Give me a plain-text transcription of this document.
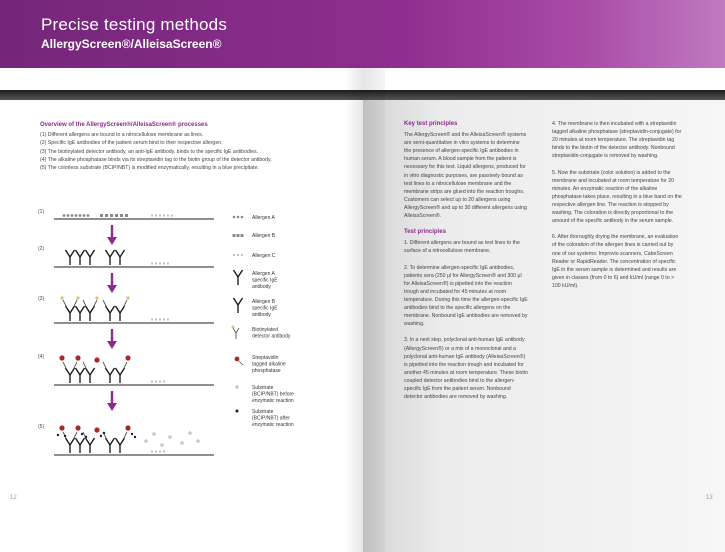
Precise testing methods
AllergyScreen®/AlleisaScreen®
Overview of the AllergyScreen®/AlleisaScreen® processes
(1) Different allergens are bound to a nitrocellulose membrane as lines.
(2) Specific IgE antibodies of the patient serum bind to their respective allergen.
(3) The biotinylated detector antibody, an anti-IgE antibody, binds to the specific IgE antibodies.
(4) The alkaline phosphatase binds via its streptavidin tag to the biotin group of the detector antibody.
(5) The colorless substrate (BCIP/NBT) is modified enzymatically, resulting in a blue precipitate.
(1)
(2)
(3)
(4)
(5)
Allergen A
Allergen B
Allergen C
Allergen A specific IgE antibody
Allergen B specific IgE antibody
Biotinylated detector antibody
Streptavidin tagged alkaline phosphatase
Substrate (BCIP/NBT) before enzymatic reaction
Substrate (BCIP/NBT) after enzymatic reaction
12
Key test principles

The AllergyScreen® and the AlleisaScreen® systems are semi-quantitative in vitro systems to determine the presence of allergen-specific IgE antibodies in human serum. A blood sample from the patient is necessary for this test. Liquid allergens, produced for in vitro diagnostic purposes, are passively bound as test lines to a nitrocellulose membrane and the membrane strips are glued into the reaction troughs. Customers can select up to 20 allergens using AllergyScreen® and up to 30 different allergens using AlleisaScreen®.

Test principles

1. Different allergens are bound as test lines to the surface of a nitrocellulose membrane.

2. To determine allergen-specific IgE antibodies, patients sera (250 µl for AllergyScreen® and 300 µl for AlleisaScreen®) is pipetted into the reaction trough and incubated for 45 minutes at room temperature. During this time the allergen-specific IgE antibodies bind to the specific allergens on the membrane. Nonbound IgE antibodies are removed by washing.

3. In a next step, polyclonal anti-human IgE antibody (AllergyScreen®) or a mix of a monoclonal and a polyclonal anti-human IgE antibody (AlleisaScreen®) is pipetted into the reaction trough and incubated for another 45 minutes at room temperature. These biotin coupled detector antibodies bind to the allergen-specific IgE from the patient serum. Nonbound detector antibodies are removed by washing.

4. The membrane is then incubated with a streptavidin tagged alkaline phosphatase (streptavidin-conjugate) for 20 minutes at room temperature. The streptavidin tag binds to the biotin of the detector antibody. Nonbound streptavidin-conjugate is removed by washing.

5. Now the substrate (color solution) is added to the membrane and incubated at room temperature for 20 minutes. An enzymatic reaction of the alkaline phosphatase takes place, resulting in a blue band on the respective allergen line. The reaction is stopped by washing. The coloration is directly proportional to the amount of the specific antibody in the serum sample.

6. After thoroughly drying the membrane, an evaluation of the coloration of the allergen lines is carried out by one of our systems: Improvio scanners, CabeScreen Reader or RapidReader. The concentration of specific IgE in the serum sample is determined and results are given in classes (from 0 to 6) and kU/ml (range 0 to > 100 kU/ml).

13
